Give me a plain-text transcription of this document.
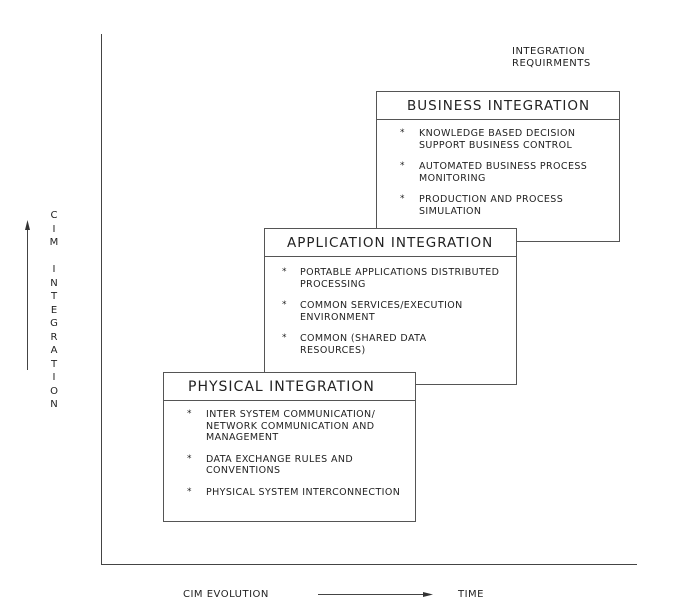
INTEGRATION
REQUIRMENTS
C
I
M
I
N
T
E
G
R
A
T
I
O
N
BUSINESS INTEGRATION
* KNOWLEDGE BASED DECISION
SUPPORT BUSINESS CONTROL
* AUTOMATED BUSINESS PROCESS
MONITORING
* PRODUCTION AND PROCESS
SIMULATION
APPLICATION INTEGRATION
* PORTABLE APPLICATIONS DISTRIBUTED
PROCESSING
* COMMON SERVICES/EXECUTION
ENVIRONMENT
* COMMON (SHARED DATA
RESOURCES)
PHYSICAL INTEGRATION
* INTER SYSTEM COMMUNICATION/
NETWORK COMMUNICATION AND
MANAGEMENT
* DATA EXCHANGE RULES AND
CONVENTIONS
* PHYSICAL SYSTEM INTERCONNECTION
CIM EVOLUTION	TIME
